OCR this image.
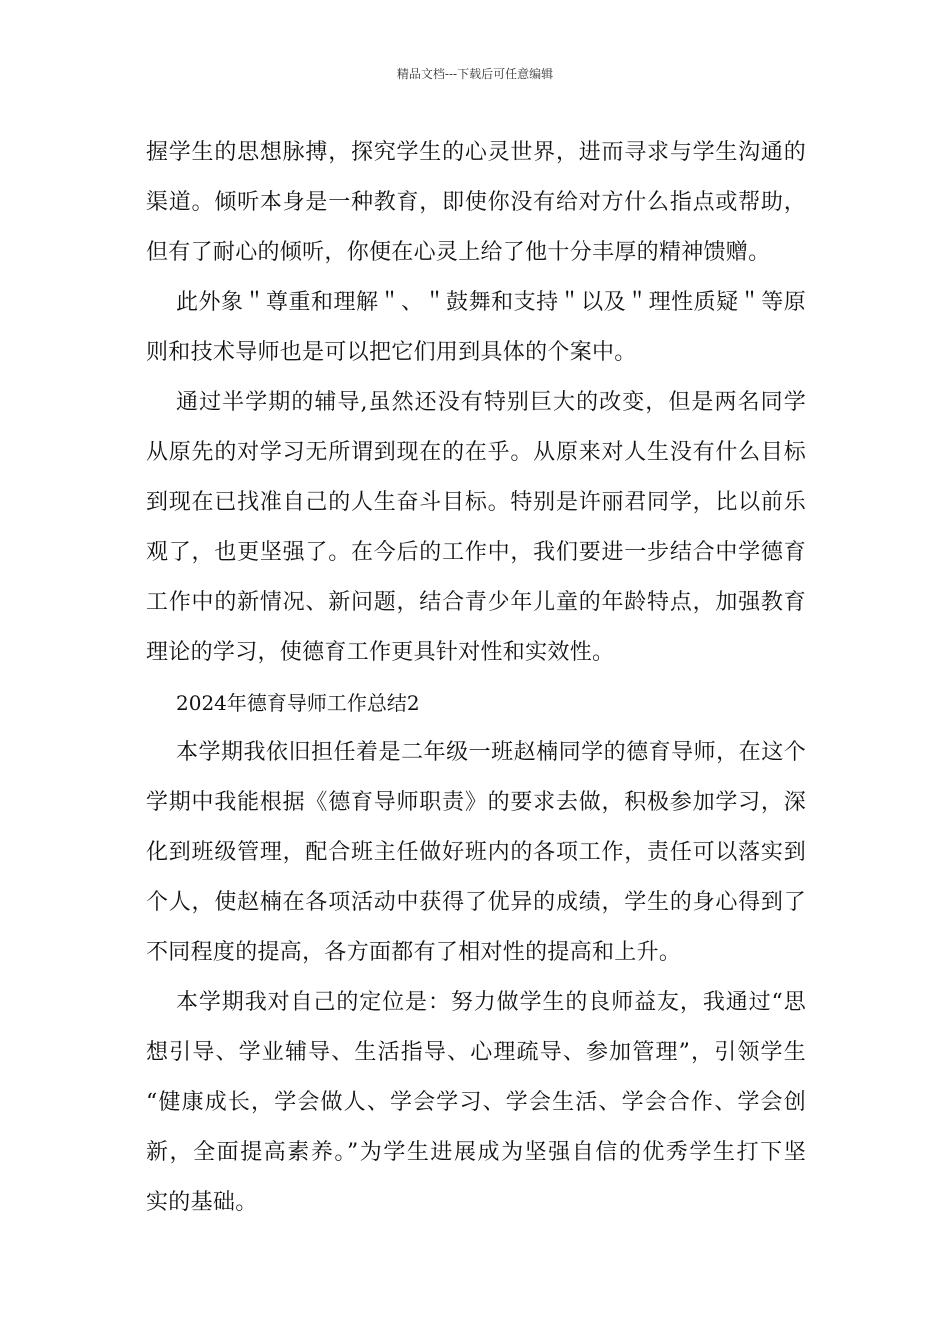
精品文档---下载后可任意编辑
握学生的思想脉搏，探究学生的心灵世界，进而寻求与学生沟通的
渠道。倾听本身是一种教育，即使你没有给对方什么指点或帮助，
但有了耐心的倾听，你便在心灵上给了他十分丰厚的精神馈赠。
此外象＂尊重和理解＂、＂鼓舞和支持＂以及＂理性质疑＂等原
则和技术导师也是可以把它们用到具体的个案中。
通过半学期的辅导,虽然还没有特别巨大的改变，但是两名同学
从原先的对学习无所谓到现在的在乎。从原来对人生没有什么目标
到现在已找准自己的人生奋斗目标。特别是许丽君同学，比以前乐
观了，也更坚强了。在今后的工作中，我们要进一步结合中学德育
工作中的新情况、新问题，结合青少年儿童的年龄特点，加强教育
理论的学习，使德育工作更具针对性和实效性。
2024年德育导师工作总结2
本学期我依旧担任着是二年级一班赵楠同学的德育导师，在这个
学期中我能根据《德育导师职责》的要求去做，积极参加学习，深
化到班级管理，配合班主任做好班内的各项工作，责任可以落实到
个人，使赵楠在各项活动中获得了优异的成绩，学生的身心得到了
不同程度的提高，各方面都有了相对性的提高和上升。
本学期我对自己的定位是：努力做学生的良师益友，我通过“思
想引导、学业辅导、生活指导、心理疏导、参加管理”，引领学生
“健康成长，学会做人、学会学习、学会生活、学会合作、学会创
新，全面提高素养。”为学生进展成为坚强自信的优秀学生打下坚
实的基础。
